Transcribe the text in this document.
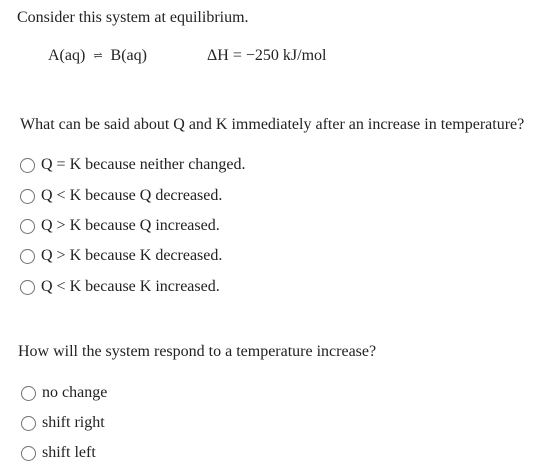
Consider this system at equilibrium.
A(aq) ⇌ B(aq)	ΔH = −250 kJ/mol
What can be said about Q and K immediately after an increase in temperature?
Q = K because neither changed.
Q < K because Q decreased.
Q > K because Q increased.
Q > K because K decreased.
Q < K because K increased.
How will the system respond to a temperature increase?
no change
shift right
shift left
